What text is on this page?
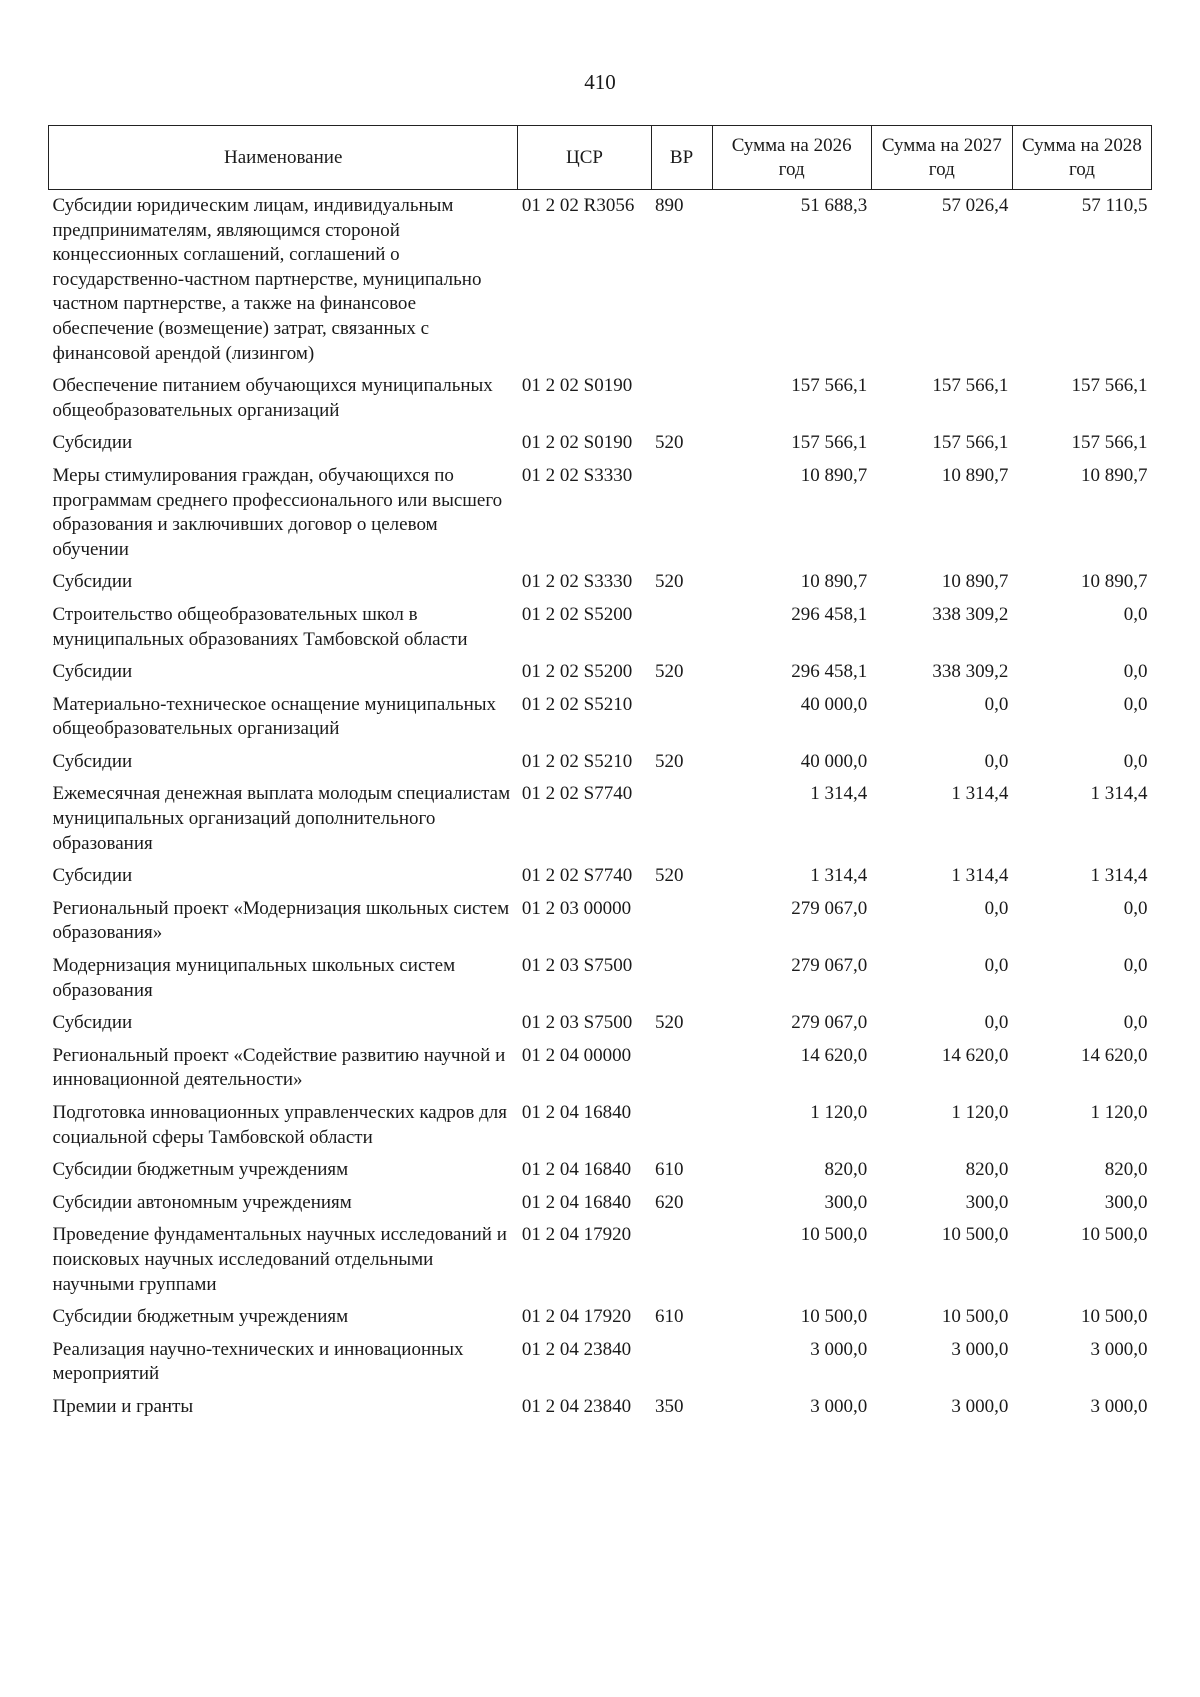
410
Наименование	ЦСР	ВР	Сумма на 2026 год	Сумма на 2027 год	Сумма на 2028 год
Субсидии юридическим лицам, индивидуальным предпринимателям, являющимся стороной концессионных соглашений, соглашений о государственно-частном партнерстве, муниципально частном партнерстве, а также на финансовое обеспечение (возмещение) затрат, связанных с финансовой арендой (лизингом)	01 2 02 R3056	890	51 688,3	57 026,4	57 110,5
Обеспечение питанием обучающихся муниципальных общеобразовательных организаций	01 2 02 S0190		157 566,1	157 566,1	157 566,1
Субсидии	01 2 02 S0190	520	157 566,1	157 566,1	157 566,1
Меры стимулирования граждан, обучающихся по программам среднего профессионального или высшего образования и заключивших договор о целевом обучении	01 2 02 S3330		10 890,7	10 890,7	10 890,7
Субсидии	01 2 02 S3330	520	10 890,7	10 890,7	10 890,7
Строительство общеобразовательных школ в муниципальных образованиях Тамбовской области	01 2 02 S5200		296 458,1	338 309,2	0,0
Субсидии	01 2 02 S5200	520	296 458,1	338 309,2	0,0
Материально-техническое оснащение муниципальных общеобразовательных организаций	01 2 02 S5210		40 000,0	0,0	0,0
Субсидии	01 2 02 S5210	520	40 000,0	0,0	0,0
Ежемесячная денежная выплата молодым специалистам муниципальных организаций дополнительного образования	01 2 02 S7740		1 314,4	1 314,4	1 314,4
Субсидии	01 2 02 S7740	520	1 314,4	1 314,4	1 314,4
Региональный проект «Модернизация школьных систем образования»	01 2 03 00000		279 067,0	0,0	0,0
Модернизация муниципальных школьных систем образования	01 2 03 S7500		279 067,0	0,0	0,0
Субсидии	01 2 03 S7500	520	279 067,0	0,0	0,0
Региональный проект «Содействие развитию научной и инновационной деятельности»	01 2 04 00000		14 620,0	14 620,0	14 620,0
Подготовка инновационных управленческих кадров для социальной сферы Тамбовской области	01 2 04 16840		1 120,0	1 120,0	1 120,0
Субсидии бюджетным учреждениям	01 2 04 16840	610	820,0	820,0	820,0
Субсидии автономным учреждениям	01 2 04 16840	620	300,0	300,0	300,0
Проведение фундаментальных научных исследований и поисковых научных исследований отдельными научными группами	01 2 04 17920		10 500,0	10 500,0	10 500,0
Субсидии бюджетным учреждениям	01 2 04 17920	610	10 500,0	10 500,0	10 500,0
Реализация научно-технических и инновационных мероприятий	01 2 04 23840		3 000,0	3 000,0	3 000,0
Премии и гранты	01 2 04 23840	350	3 000,0	3 000,0	3 000,0
